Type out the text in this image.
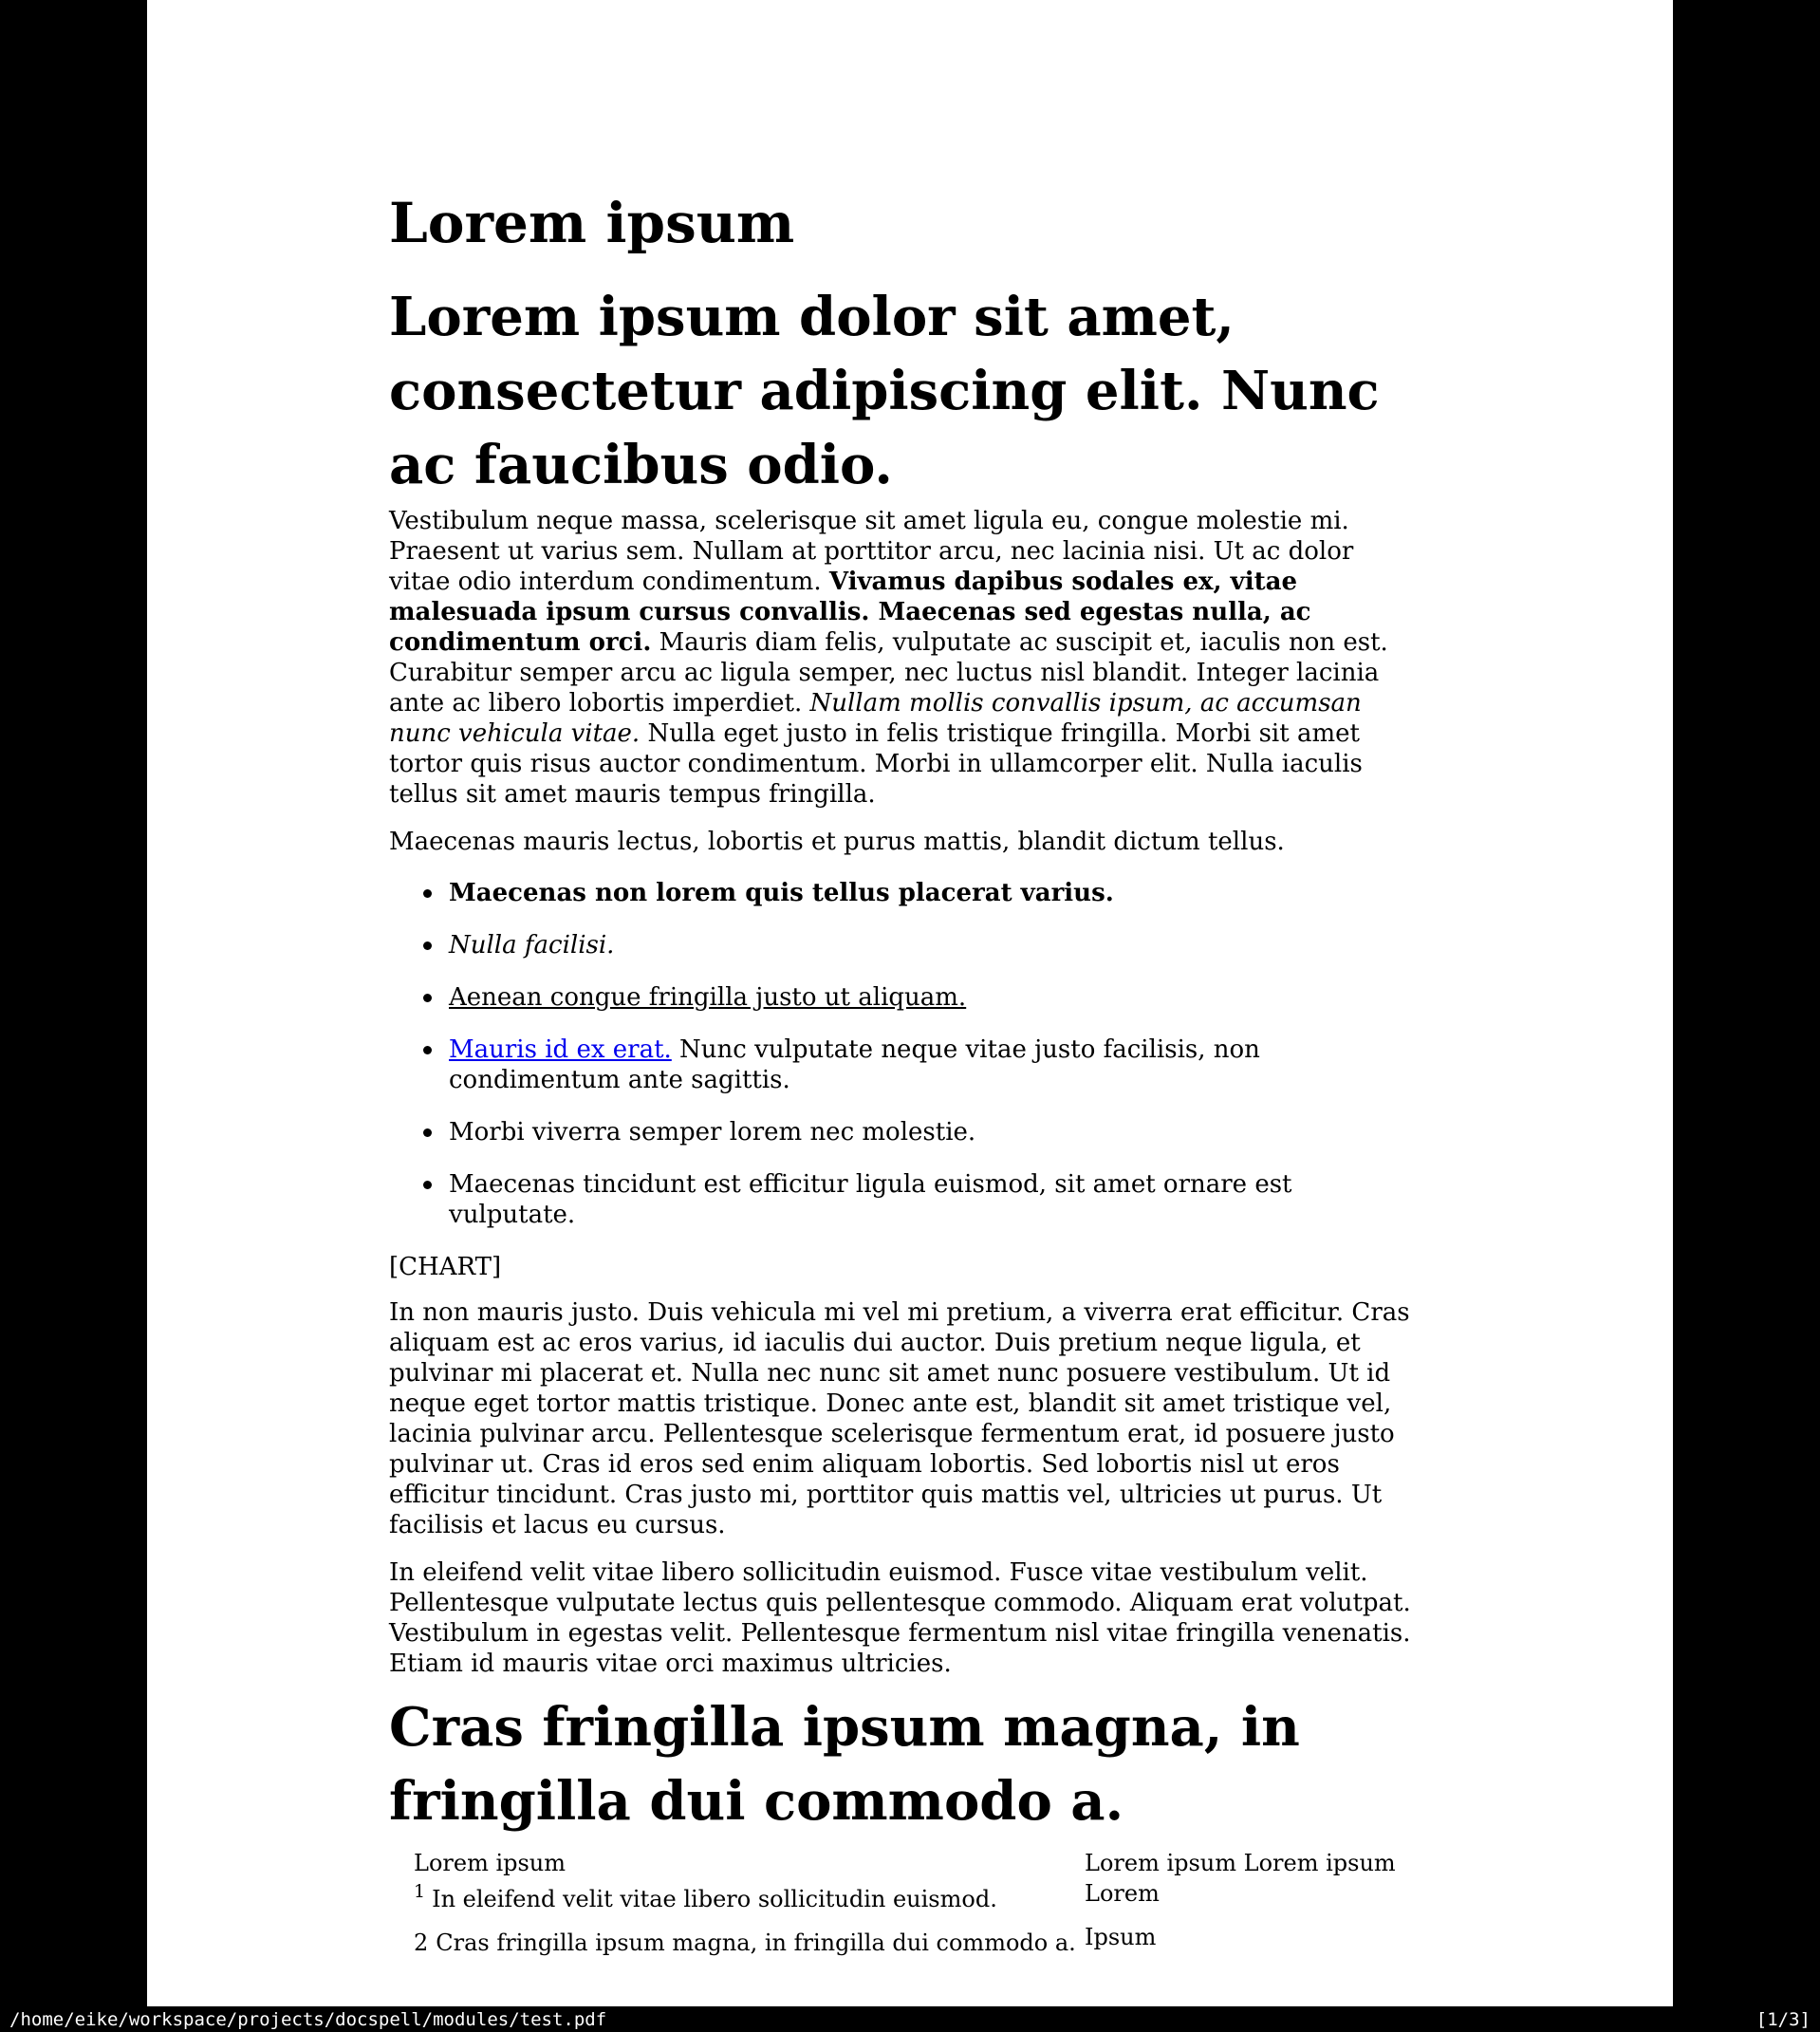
Lorem ipsum
Lorem ipsum dolor sit amet, consectetur adipiscing elit. Nunc ac faucibus odio.

Vestibulum neque massa, scelerisque sit amet ligula eu, congue molestie mi. Praesent ut varius sem. Nullam at porttitor arcu, nec lacinia nisi. Ut ac dolor vitae odio interdum condimentum. Vivamus dapibus sodales ex, vitae malesuada ipsum cursus convallis. Maecenas sed egestas nulla, ac condimentum orci. Mauris diam felis, vulputate ac suscipit et, iaculis non est. Curabitur semper arcu ac ligula semper, nec luctus nisl blandit. Integer lacinia ante ac libero lobortis imperdiet. Nullam mollis convallis ipsum, ac accumsan nunc vehicula vitae. Nulla eget justo in felis tristique fringilla. Morbi sit amet tortor quis risus auctor condimentum. Morbi in ullamcorper elit. Nulla iaculis tellus sit amet mauris tempus fringilla.

Maecenas mauris lectus, lobortis et purus mattis, blandit dictum tellus.

Maecenas non lorem quis tellus placerat varius.
Nulla facilisi.
Aenean congue fringilla justo ut aliquam.
Mauris id ex erat. Nunc vulputate neque vitae justo facilisis, non condimentum ante sagittis.
Morbi viverra semper lorem nec molestie.
Maecenas tincidunt est efficitur ligula euismod, sit amet ornare est vulputate.

[CHART]

In non mauris justo. Duis vehicula mi vel mi pretium, a viverra erat efficitur. Cras aliquam est ac eros varius, id iaculis dui auctor. Duis pretium neque ligula, et pulvinar mi placerat et. Nulla nec nunc sit amet nunc posuere vestibulum. Ut id neque eget tortor mattis tristique. Donec ante est, blandit sit amet tristique vel, lacinia pulvinar arcu. Pellentesque scelerisque fermentum erat, id posuere justo pulvinar ut. Cras id eros sed enim aliquam lobortis. Sed lobortis nisl ut eros efficitur tincidunt. Cras justo mi, porttitor quis mattis vel, ultricies ut purus. Ut facilisis et lacus eu cursus.

In eleifend velit vitae libero sollicitudin euismod. Fusce vitae vestibulum velit. Pellentesque vulputate lectus quis pellentesque commodo. Aliquam erat volutpat. Vestibulum in egestas velit. Pellentesque fermentum nisl vitae fringilla venenatis. Etiam id mauris vitae orci maximus ultricies.

Cras fringilla ipsum magna, in fringilla dui commodo a.
Lorem ipsum
$^1$ In eleifend velit vitae libero sollicitudin euismod.
2 Cras fringilla ipsum magna, in fringilla dui commodo a.
Lorem ipsum Lorem ipsum Lorem
Ipsum
/home/eike/workspace/projects/docspell/modules/test.pdf	[1/3]
